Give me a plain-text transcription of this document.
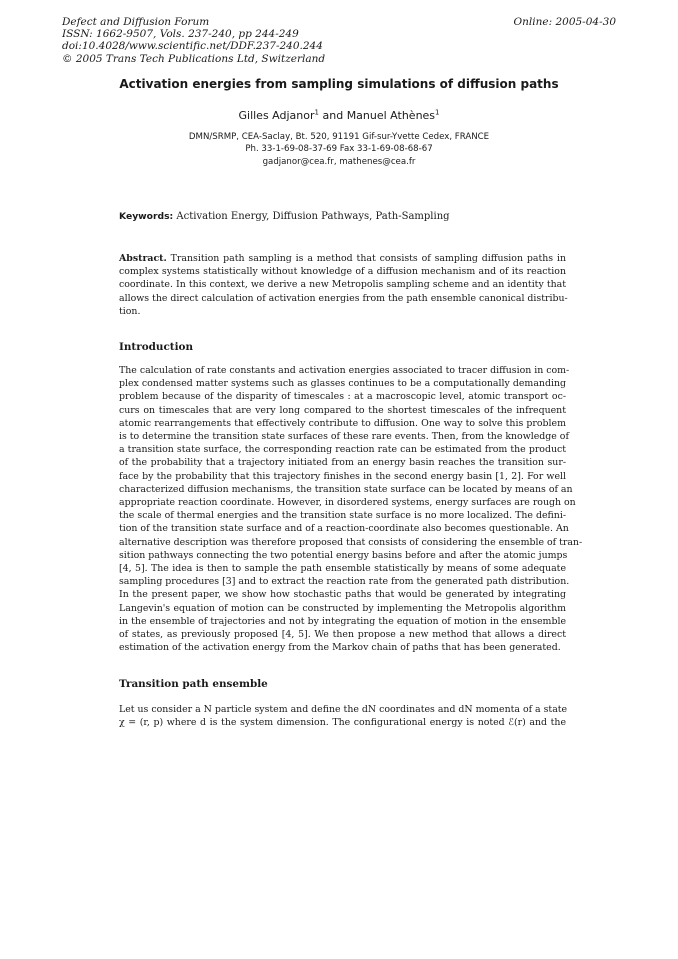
Defect and Diffusion Forum
ISSN: 1662-9507, Vols. 237-240, pp 244-249
doi:10.4028/www.scientific.net/DDF.237-240.244
© 2005 Trans Tech Publications Ltd, Switzerland
Online: 2005-04-30
Activation energies from sampling simulations of diffusion paths
Gilles Adjanor$^1$ and Manuel Athènes$^1$
DMN/SRMP, CEA-Saclay, Bt. 520, 91191 Gif-sur-Yvette Cedex, FRANCE
Ph. 33-1-69-08-37-69 Fax 33-1-69-08-68-67
gadjanor@cea.fr, mathenes@cea.fr
Keywords: Activation Energy, Diffusion Pathways, Path-Sampling
Abstract. Transition path sampling is a method that consists of sampling diffusion paths in
complex systems statistically without knowledge of a diffusion mechanism and of its reaction
coordinate. In this context, we derive a new Metropolis sampling scheme and an identity that
allows the direct calculation of activation energies from the path ensemble canonical distribu-
tion.
Introduction
The calculation of rate constants and activation energies associated to tracer diffusion in com-
plex condensed matter systems such as glasses continues to be a computationally demanding
problem because of the disparity of timescales : at a macroscopic level, atomic transport oc-
curs on timescales that are very long compared to the shortest timescales of the infrequent
atomic rearrangements that effectively contribute to diffusion. One way to solve this problem
is to determine the transition state surfaces of these rare events. Then, from the knowledge of
a transition state surface, the corresponding reaction rate can be estimated from the product
of the probability that a trajectory initiated from an energy basin reaches the transition sur-
face by the probability that this trajectory finishes in the second energy basin [1, 2]. For well
characterized diffusion mechanisms, the transition state surface can be located by means of an
appropriate reaction coordinate. However, in disordered systems, energy surfaces are rough on
the scale of thermal energies and the transition state surface is no more localized. The defini-
tion of the transition state surface and of a reaction-coordinate also becomes questionable. An
alternative description was therefore proposed that consists of considering the ensemble of tran-
sition pathways connecting the two potential energy basins before and after the atomic jumps
[4, 5]. The idea is then to sample the path ensemble statistically by means of some adequate
sampling procedures [3] and to extract the reaction rate from the generated path distribution.
In the present paper, we show how stochastic paths that would be generated by integrating
Langevin's equation of motion can be constructed by implementing the Metropolis algorithm
in the ensemble of trajectories and not by integrating the equation of motion in the ensemble
of states, as previously proposed [4, 5]. We then propose a new method that allows a direct
estimation of the activation energy from the Markov chain of paths that has been generated.
Transition path ensemble
Let us consider a N particle system and define the dN coordinates and dN momenta of a state
χ = (r, p) where d is the system dimension. The configurational energy is noted ℰ(r) and the
